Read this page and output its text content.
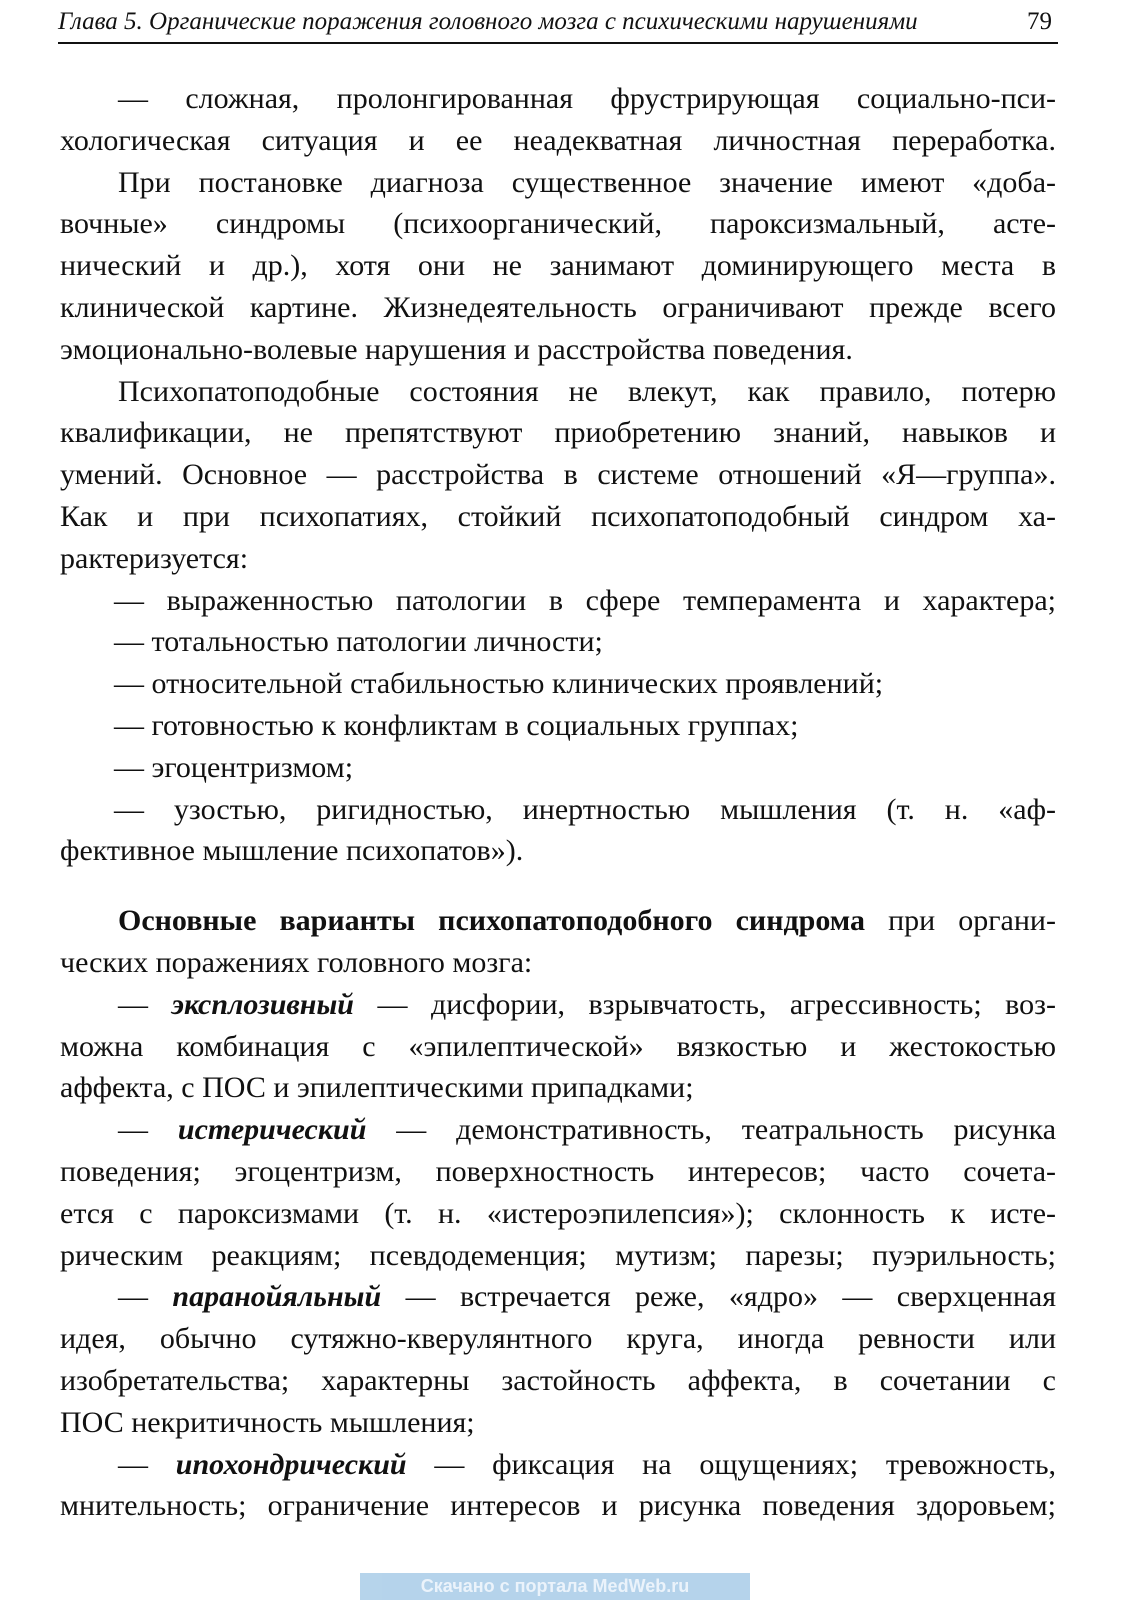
Глава 5. Органические поражения головного мозга с психическими нарушениями	79
— сложная, пролонгированная фрустрирующая социально-пси-
хологическая ситуация и ее неадекватная личностная переработка.
При постановке диагноза существенное значение имеют «доба-
вочные» синдромы (психоорганический, пароксизмальный, асте-
нический и др.), хотя они не занимают доминирующего места в
клинической картине. Жизнедеятельность ограничивают прежде всего
эмоционально-волевые нарушения и расстройства поведения.
Психопатоподобные состояния не влекут, как правило, потерю
квалификации, не препятствуют приобретению знаний, навыков и
умений. Основное — расстройства в системе отношений «Я—группа».
Как и при психопатиях, стойкий психопатоподобный синдром ха-
рактеризуется:
— выраженностью патологии в сфере темперамента и характера;
— тотальностью патологии личности;
— относительной стабильностью клинических проявлений;
— готовностью к конфликтам в социальных группах;
— эгоцентризмом;
— узостью, ригидностью, инертностью мышления (т. н. «аф-
фективное мышление психопатов»).
Основные варианты психопатоподобного синдрома при органи-
ческих поражениях головного мозга:
— эксплозивный — дисфории, взрывчатость, агрессивность; воз-
можна комбинация с «эпилептической» вязкостью и жестокостью
аффекта, с ПОС и эпилептическими припадками;
— истерический — демонстративность, театральность рисунка
поведения; эгоцентризм, поверхностность интересов; часто сочета-
ется с пароксизмами (т. н. «истероэпилепсия»); склонность к исте-
рическим реакциям; псевдодеменция; мутизм; парезы; пуэрильность;
— паранойяльный — встречается реже, «ядро» — сверхценная
идея, обычно сутяжно-кверулянтного круга, иногда ревности или
изобретательства; характерны застойность аффекта, в сочетании с
ПОС некритичность мышления;
— ипохондрический — фиксация на ощущениях; тревожность,
мнительность; ограничение интересов и рисунка поведения здоровьем;
Скачано с портала MedWeb.ru
